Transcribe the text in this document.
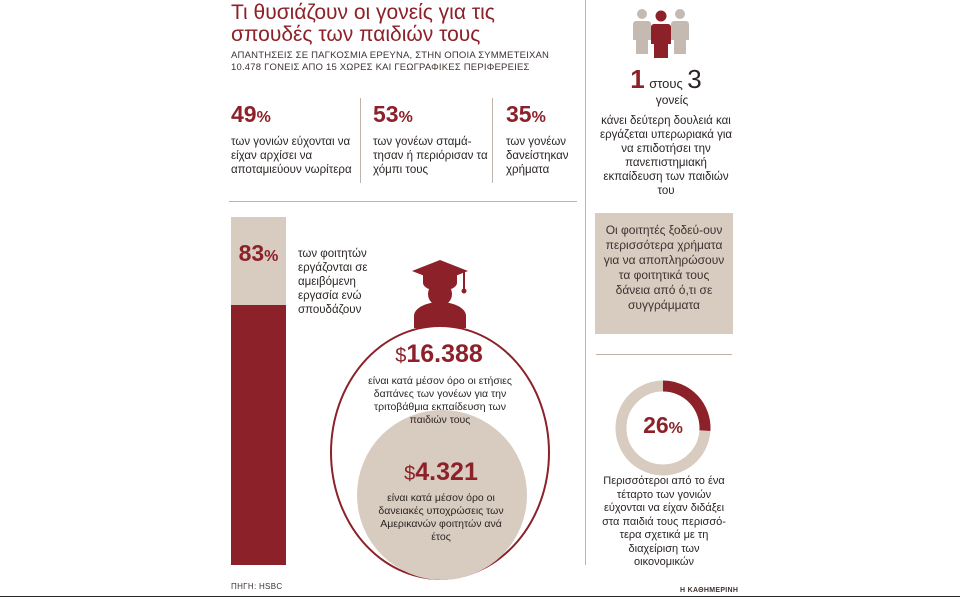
Τι θυσιάζουν οι γονείς για τις σπουδές των παιδιών τους
ΑΠΑΝΤΗΣΕΙΣ ΣΕ ΠΑΓΚΟΣΜΙΑ ΕΡΕΥΝΑ, ΣΤΗΝ ΟΠΟΙΑ ΣΥΜΜΕΤΕΙΧΑΝ 10.478 ΓΟΝΕΙΣ ΑΠΟ 15 ΧΩΡΕΣ ΚΑΙ ΓΕΩΓΡΑΦΙΚΕΣ ΠΕΡΙΦΕΡΕΙΕΣ
49%
των γονιών εύχονται να είχαν αρχίσει να αποταμιεύουν νωρίτερα
53%
των γονέων σταμά-τησαν ή περιόρισαν τα χόμπι τους
35%
των γονέων δανείστηκαν χρήματα
1 στους 3
γονείς
κάνει δεύτερη δουλειά και εργάζεται υπερωριακά για να επιδοτήσει την πανεπιστημιακή εκπαίδευση των παιδιών του
83%	των φοιτητών εργάζονται σε αμειβόμενη εργασία ενώ σπουδάζουν
$16.388
είναι κατά μέσον όρο οι ετήσιες δαπάνες των γονέων για την τριτοβάθμια εκπαίδευση των παιδιών τους
$4.321
είναι κατά μέσον όρο οι δανειακές υποχρώσεις των Αμερικανών φοιτητών ανά έτος
Οι φοιτητές ξοδεύ-ουν περισσότερα χρήματα για να αποπληρώσουν τα φοιτητικά τους δάνεια από ό,τι σε συγγράμματα
26%
Περισσότεροι από το ένα τέταρτο των γονιών εύχονται να είχαν διδάξει στα παιδιά τους περισσό-τερα σχετικά με τη διαχείριση των οικονομικών
ΠΗΓΗ: HSBC	Η ΚΑΘΗΜΕΡΙΝΗ
